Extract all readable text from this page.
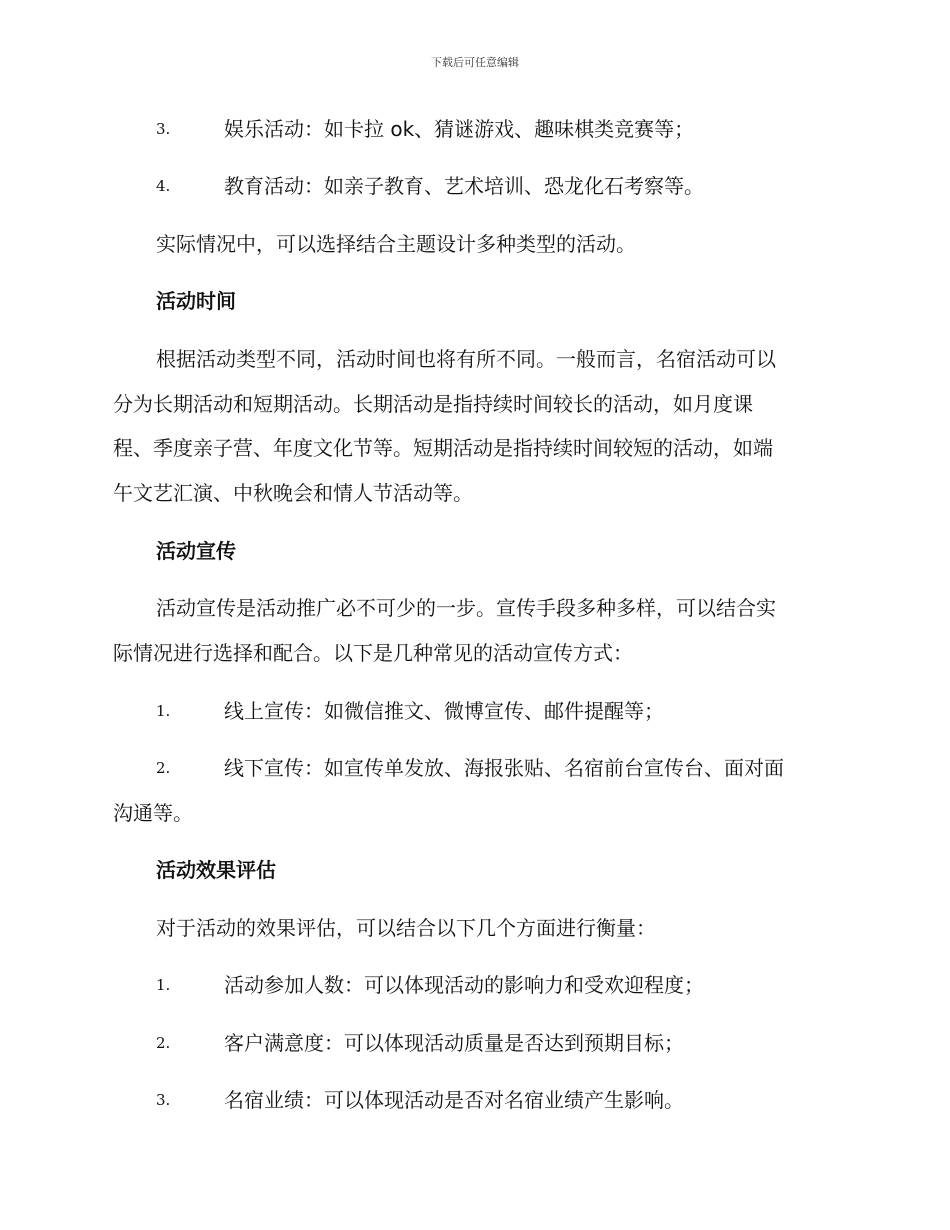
下载后可任意编辑
3.	娱乐活动：如卡拉 ok、猜谜游戏、趣味棋类竞赛等；
4.	教育活动：如亲子教育、艺术培训、恐龙化石考察等。
实际情况中，可以选择结合主题设计多种类型的活动。
活动时间
根据活动类型不同，活动时间也将有所不同。一般而言，名宿活动可以
分为长期活动和短期活动。长期活动是指持续时间较长的活动，如月度课
程、季度亲子营、年度文化节等。短期活动是指持续时间较短的活动，如端
午文艺汇演、中秋晚会和情人节活动等。
活动宣传
活动宣传是活动推广必不可少的一步。宣传手段多种多样，可以结合实
际情况进行选择和配合。以下是几种常见的活动宣传方式：
1.	线上宣传：如微信推文、微博宣传、邮件提醒等；
2.	线下宣传：如宣传单发放、海报张贴、名宿前台宣传台、面对面
沟通等。
活动效果评估
对于活动的效果评估，可以结合以下几个方面进行衡量：
1.	活动参加人数：可以体现活动的影响力和受欢迎程度；
2.	客户满意度：可以体现活动质量是否达到预期目标；
3.	名宿业绩：可以体现活动是否对名宿业绩产生影响。
